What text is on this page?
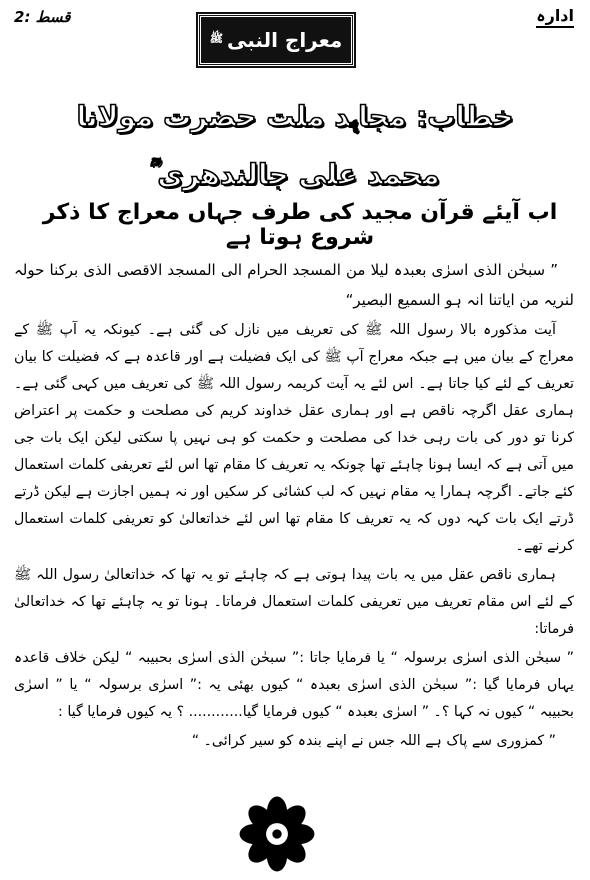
قسط :2	ادارہ
معراج النبی
ﷺ
خطاب: مجاہد ملت حضرت مولانا محمد علی جالندھری
اب آیئے قرآن مجید کی طرف جہاں معراج کا ذکر شروع ہوتا ہے

” سبحٰن الذی اسرٰی بعبدہ لیلا من المسجد الحرام الی المسجد الاقصی الذی برکنا حولہ لنریہ من ایاتنا انہ ہو السمیع البصیر“

آیت مذکورہ بالا رسول اللہ ﷺ کی تعریف میں نازل کی گئی ہے۔ کیونکہ یہ آپ ﷺ کے معراج کے بیان میں ہے جبکہ معراج آپ ﷺ کی ایک فضیلت ہے اور قاعدہ ہے کہ فضیلت کا بیان تعریف کے لئے کیا جاتا ہے۔ اس لئے یہ آیت کریمہ رسول اللہ ﷺ کی تعریف میں کہی گئی ہے۔ ہماری عقل اگرچہ ناقص ہے اور ہماری عقل خداوند کریم کی مصلحت و حکمت پر اعتراض کرنا تو دور کی بات رہی خدا کی مصلحت و حکمت کو ہی نہیں پا سکتی لیکن ایک بات جی میں آتی ہے کہ ایسا ہونا چاہئے تھا چونکہ یہ تعریف کا مقام تھا اس لئے تعریفی کلمات استعمال کئے جاتے۔ اگرچہ ہمارا یہ مقام نہیں کہ لب کشائی کر سکیں اور نہ ہمیں اجازت ہے لیکن ڈرتے ڈرتے ایک بات کہہ دوں کہ یہ تعریف کا مقام تھا اس لئے خداتعالیٰ کو تعریفی کلمات استعمال کرنے تھے۔

ہماری ناقص عقل میں یہ بات پیدا ہوتی ہے کہ چاہئے تو یہ تھا کہ خداتعالیٰ رسول اللہ ﷺ کے لئے اس مقام تعریف میں تعریفی کلمات استعمال فرماتا۔ ہونا تو یہ چاہئے تھا کہ خداتعالیٰ فرماتا:

” سبحٰن الذی اسرٰی برسولہ “ یا فرمایا جاتا :” سبحٰن الذی اسرٰی بحبیبہ “ لیکن خلاف قاعدہ یہاں فرمایا گیا :” سبحٰن الذی اسرٰی بعبدہ “ کیوں بھئی یہ :” اسرٰی برسولہ “ یا ” اسرٰی بحبیبہ “ کیوں نہ کہا ؟۔ ” اسرٰی بعبدہ “ کیوں فرمایا گیا............ ؟ یہ کیوں فرمایا گیا :

” کمزوری سے پاک ہے اللہ جس نے اپنے بندہ کو سیر کرائی۔ “
